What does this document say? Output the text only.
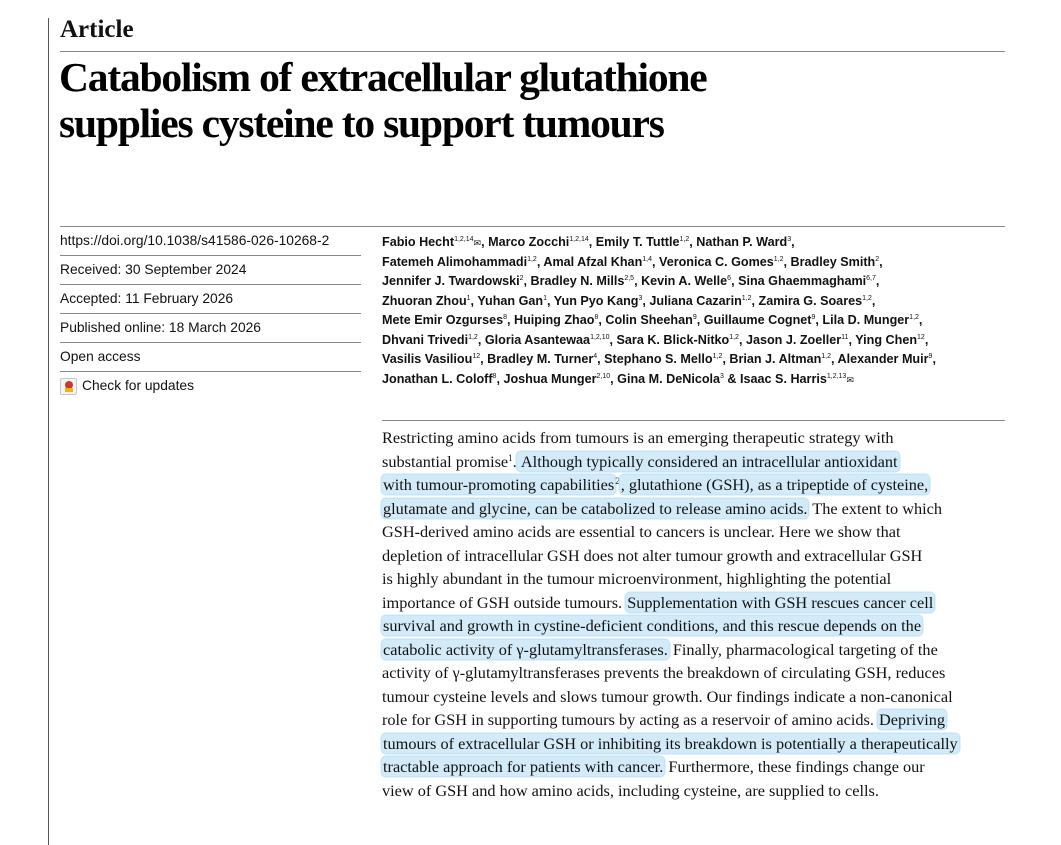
Article
Catabolism of extracellular glutathione
supplies cysteine to support tumours
https://doi.org/10.1038/s41586-026-10268-2
Received: 30 September 2024
Accepted: 11 February 2026
Published online: 18 March 2026
Open access
Check for updates
Fabio Hecht$^{1,2,14}$✉, Marco Zocchi$^{1,2,14}$, Emily T. Tuttle$^{1,2}$, Nathan P. Ward$^3$,
Fatemeh Alimohammadi$^{1,2}$, Amal Afzal Khan$^{1,4}$, Veronica C. Gomes$^{1,2}$, Bradley Smith$^2$,
Jennifer J. Twardowski$^2$, Bradley N. Mills$^{2,5}$, Kevin A. Welle$^6$, Sina Ghaemmaghami$^{6,7}$,
Zhuoran Zhou$^1$, Yuhan Gan$^1$, Yun Pyo Kang$^3$, Juliana Cazarin$^{1,2}$, Zamira G. Soares$^{1,2}$,
Mete Emir Ozgurses$^8$, Huiping Zhao$^8$, Colin Sheehan$^9$, Guillaume Cognet$^9$, Lila D. Munger$^{1,2}$,
Dhvani Trivedi$^{1,2}$, Gloria Asantewaa$^{1,2,10}$, Sara K. Blick-Nitko$^{1,2}$, Jason J. Zoeller$^{11}$, Ying Chen$^{12}$,
Vasilis Vasiliou$^{12}$, Bradley M. Turner$^4$, Stephano S. Mello$^{1,2}$, Brian J. Altman$^{1,2}$, Alexander Muir$^9$,
Jonathan L. Coloff$^8$, Joshua Munger$^{2,10}$, Gina M. DeNicola$^3$ & Isaac S. Harris$^{1,2,13}$✉
Restricting amino acids from tumours is an emerging therapeutic strategy with
substantial promise$^1$. Although typically considered an intracellular antioxidant
with tumour-promoting capabilities$^2$, glutathione (GSH), as a tripeptide of cysteine,
glutamate and glycine, can be catabolized to release amino acids. The extent to which
GSH-derived amino acids are essential to cancers is unclear. Here we show that
depletion of intracellular GSH does not alter tumour growth and extracellular GSH
is highly abundant in the tumour microenvironment, highlighting the potential
importance of GSH outside tumours. Supplementation with GSH rescues cancer cell
survival and growth in cystine-deficient conditions, and this rescue depends on the
catabolic activity of γ-glutamyltransferases. Finally, pharmacological targeting of the
activity of γ-glutamyltransferases prevents the breakdown of circulating GSH, reduces
tumour cysteine levels and slows tumour growth. Our findings indicate a non-canonical
role for GSH in supporting tumours by acting as a reservoir of amino acids. Depriving
tumours of extracellular GSH or inhibiting its breakdown is potentially a therapeutically
tractable approach for patients with cancer. Furthermore, these findings change our
view of GSH and how amino acids, including cysteine, are supplied to cells.
